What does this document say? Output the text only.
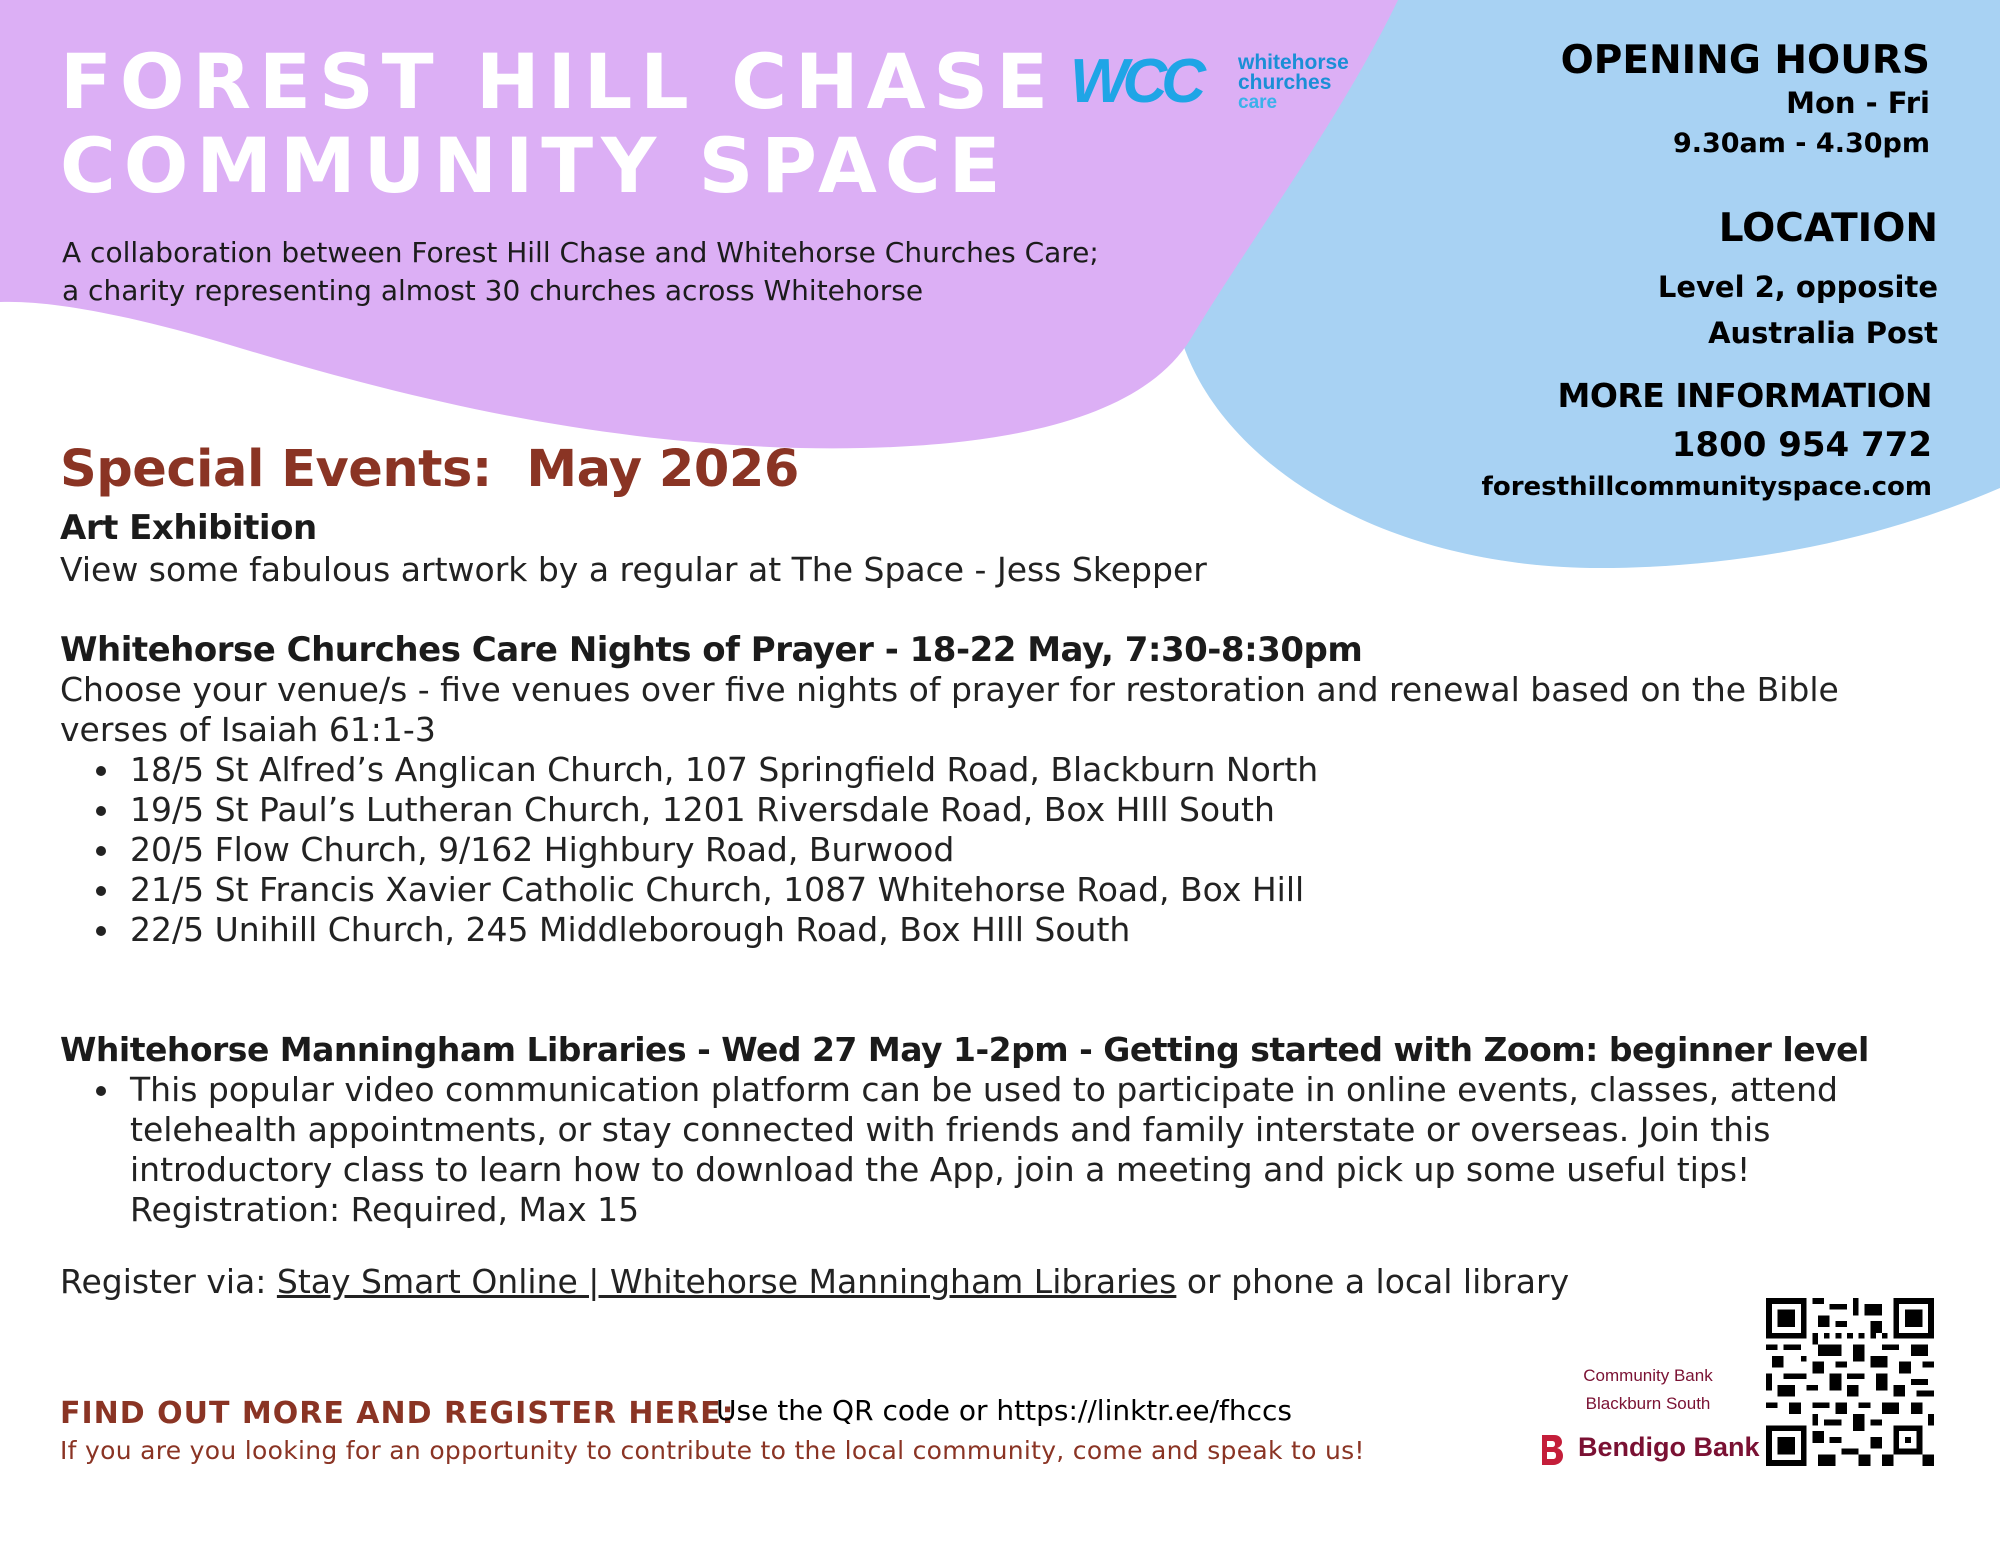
FOREST HILL CHASE
COMMUNITY SPACE
A collaboration between Forest Hill Chase and Whitehorse Churches Care; a charity representing almost 30 churches across Whitehorse
WCC whitehorse
churches
care
OPENING HOURS
Mon - Fri
9.30am - 4.30pm
LOCATION
Level 2, opposite
Australia Post
MORE INFORMATION
1800 954 772
foresthillcommunityspace.com
Special Events:  May 2026
Art Exhibition
View some fabulous artwork by a regular at The Space - Jess Skepper
Whitehorse Churches Care Nights of Prayer - 18-22 May, 7:30-8:30pm
Choose your venue/s - five venues over five nights of prayer for restoration and renewal based on the Bible verses of Isaiah 61:1-3
18/5 St Alfred’s Anglican Church, 107 Springfield Road, Blackburn North
19/5 St Paul’s Lutheran Church, 1201 Riversdale Road, Box HIll South
20/5 Flow Church, 9/162 Highbury Road, Burwood
21/5 St Francis Xavier Catholic Church, 1087 Whitehorse Road, Box Hill
22/5 Unihill Church, 245 Middleborough Road, Box HIll South
Whitehorse Manningham Libraries - Wed 27 May 1-2pm - Getting started with Zoom: beginner level
This popular video communication platform can be used to participate in online events, classes, attend telehealth appointments, or stay connected with friends and family interstate or overseas. Join this introductory class to learn how to download the App, join a meeting and pick up some useful tips!
Registration: Required, Max 15
Register via: Stay Smart Online | Whitehorse Manningham Libraries or phone a local library
FIND OUT MORE AND REGISTER HERE:
Use the QR code or https://linktr.ee/fhccs
If you are you looking for an opportunity to contribute to the local community, come and speak to us!
Community Bank
Blackburn South
Bendigo Bank
